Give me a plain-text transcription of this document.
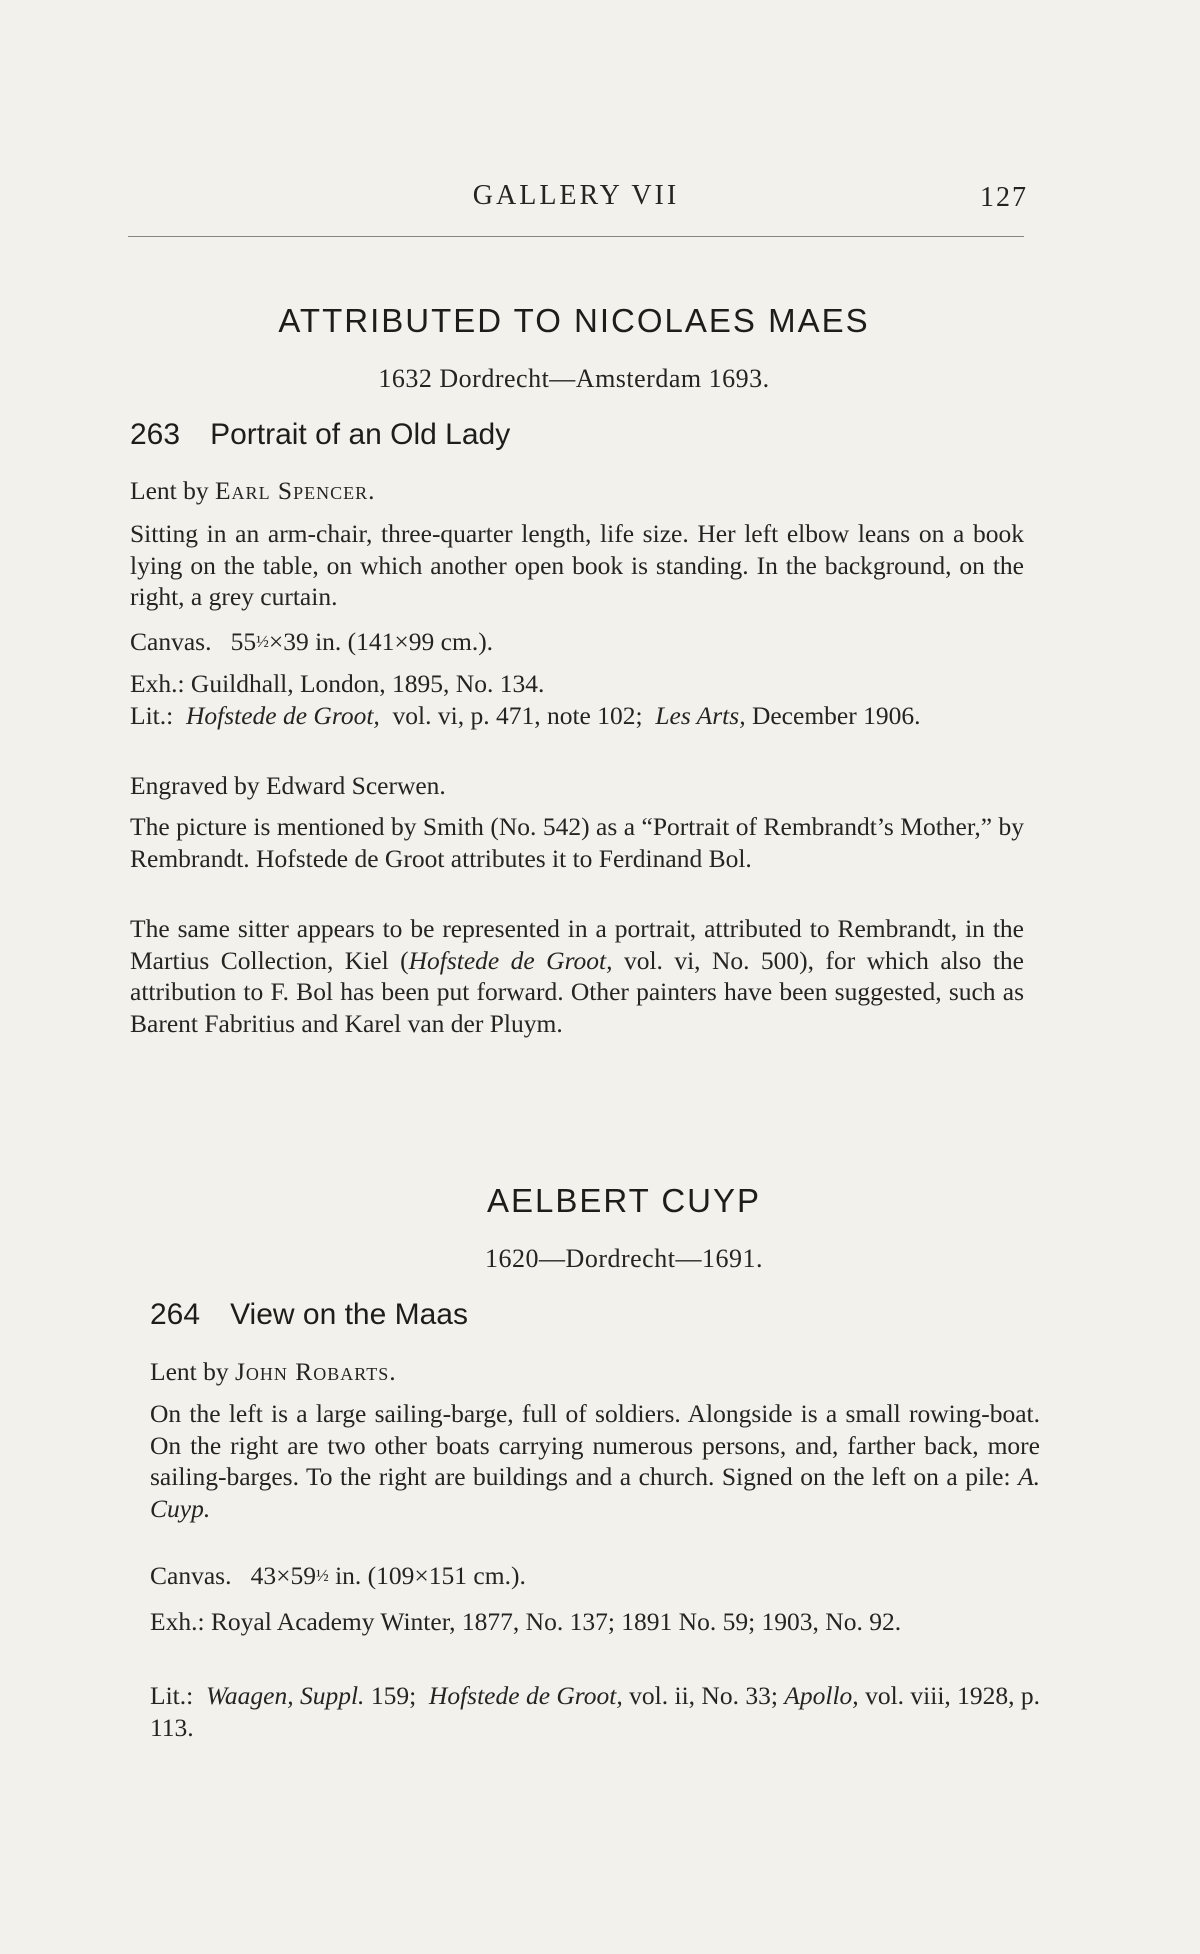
GALLERY VII	127
ATTRIBUTED TO NICOLAES MAES
1632 Dordrecht—Amsterdam 1693.
263 Portrait of an Old Lady

Lent by Earl Spencer.

Sitting in an arm-chair, three-quarter length, life size. Her left elbow leans on a book lying on the table, on which another open book is standing. In the background, on the right, a grey curtain.

Canvas. 55½×39 in. (141×99 cm.).

Exh.: Guildhall, London, 1895, No. 134.

Lit.: Hofstede de Groot, vol. vi, p. 471, note 102; Les Arts, December 1906.

Engraved by Edward Scerwen.

The picture is mentioned by Smith (No. 542) as a “Portrait of Rembrandt’s Mother,” by Rembrandt. Hofstede de Groot attributes it to Ferdinand Bol.

The same sitter appears to be represented in a portrait, attributed to Rembrandt, in the Martius Collection, Kiel (Hofstede de Groot, vol. vi, No. 500), for which also the attribution to F. Bol has been put forward. Other painters have been suggested, such as Barent Fabritius and Karel van der Pluym.

AELBERT CUYP
1620—Dordrecht—1691.
264 View on the Maas

Lent by John Robarts.

On the left is a large sailing-barge, full of soldiers. Alongside is a small rowing-boat. On the right are two other boats carrying numerous persons, and, farther back, more sailing-barges. To the right are buildings and a church. Signed on the left on a pile: A. Cuyp.

Canvas. 43×59½ in. (109×151 cm.).

Exh.: Royal Academy Winter, 1877, No. 137; 1891 No. 59; 1903, No. 92.

Lit.: Waagen, Suppl. 159; Hofstede de Groot, vol. ii, No. 33; Apollo, vol. viii, 1928, p. 113.
